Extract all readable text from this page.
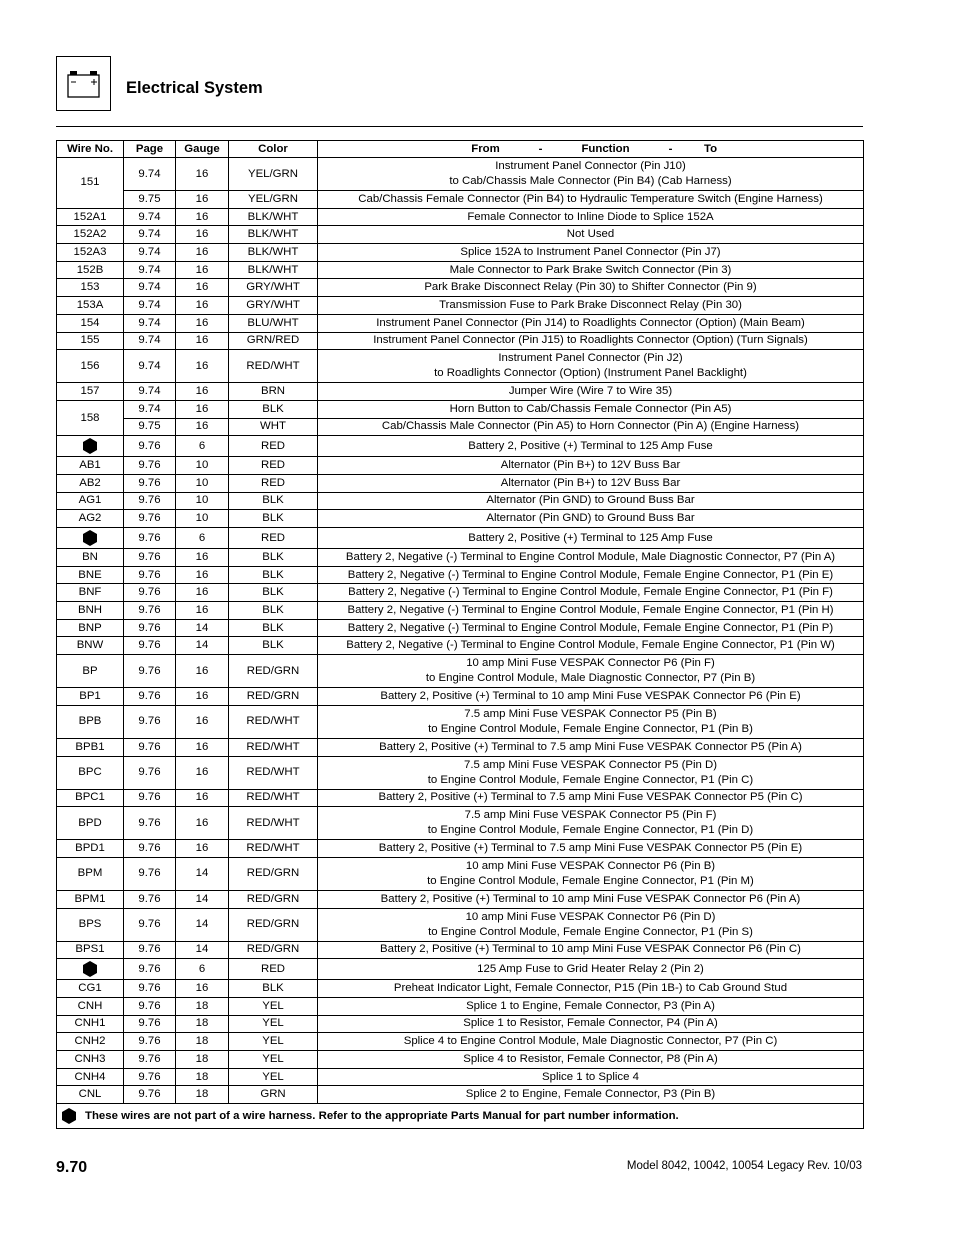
Electrical System
Wire No.	Page	Gauge	Color	From - Function - To
151	9.74	16	YEL/GRN	Instrument Panel Connector (Pin J10)
to Cab/Chassis Male Connector (Pin B4) (Cab Harness)

	9.75	16	YEL/GRN	Cab/Chassis Female Connector (Pin B4) to Hydraulic Temperature Switch (Engine Harness)

152A1	9.74	16	BLK/WHT	Female Connector to Inline Diode to Splice 152A

152A2	9.74	16	BLK/WHT	Not Used

152A3	9.74	16	BLK/WHT	Splice 152A to Instrument Panel Connector (Pin J7)

152B	9.74	16	BLK/WHT	Male Connector to Park Brake Switch Connector (Pin 3)

153	9.74	16	GRY/WHT	Park Brake Disconnect Relay (Pin 30) to Shifter Connector (Pin 9)

153A	9.74	16	GRY/WHT	Transmission Fuse to Park Brake Disconnect Relay (Pin 30)

154	9.74	16	BLU/WHT	Instrument Panel Connector (Pin J14) to Roadlights Connector (Option) (Main Beam)

155	9.74	16	GRN/RED	Instrument Panel Connector (Pin J15) to Roadlights Connector (Option) (Turn Signals)

156	9.74	16	RED/WHT	Instrument Panel Connector (Pin J2)
to Roadlights Connector (Option) (Instrument Panel Backlight)

157	9.74	16	BRN	Jumper Wire (Wire 7 to Wire 35)

158	9.74	16	BLK	Horn Button to Cab/Chassis Female Connector (Pin A5)

	9.75	16	WHT	Cab/Chassis Male Connector (Pin A5) to Horn Connector (Pin A) (Engine Harness)

	9.76	6	RED	Battery 2, Positive (+) Terminal to 125 Amp Fuse

AB1	9.76	10	RED	Alternator (Pin B+) to 12V Buss Bar

AB2	9.76	10	RED	Alternator (Pin B+) to 12V Buss Bar

AG1	9.76	10	BLK	Alternator (Pin GND) to Ground Buss Bar

AG2	9.76	10	BLK	Alternator (Pin GND) to Ground Buss Bar

	9.76	6	RED	Battery 2, Positive (+) Terminal to 125 Amp Fuse

BN	9.76	16	BLK	Battery 2, Negative (-) Terminal to Engine Control Module, Male Diagnostic Connector, P7 (Pin A)

BNE	9.76	16	BLK	Battery 2, Negative (-) Terminal to Engine Control Module, Female Engine Connector, P1 (Pin E)

BNF	9.76	16	BLK	Battery 2, Negative (-) Terminal to Engine Control Module, Female Engine Connector, P1 (Pin F)

BNH	9.76	16	BLK	Battery 2, Negative (-) Terminal to Engine Control Module, Female Engine Connector, P1 (Pin H)

BNP	9.76	14	BLK	Battery 2, Negative (-) Terminal to Engine Control Module, Female Engine Connector, P1 (Pin P)

BNW	9.76	14	BLK	Battery 2, Negative (-) Terminal to Engine Control Module, Female Engine Connector, P1 (Pin W)

BP	9.76	16	RED/GRN	10 amp Mini Fuse VESPAK Connector P6 (Pin F)
to Engine Control Module, Male Diagnostic Connector, P7 (Pin B)

BP1	9.76	16	RED/GRN	Battery 2, Positive (+) Terminal to 10 amp Mini Fuse VESPAK Connector P6 (Pin E)

BPB	9.76	16	RED/WHT	7.5 amp Mini Fuse VESPAK Connector P5 (Pin B)
to Engine Control Module, Female Engine Connector, P1 (Pin B)

BPB1	9.76	16	RED/WHT	Battery 2, Positive (+) Terminal to 7.5 amp Mini Fuse VESPAK Connector P5 (Pin A)

BPC	9.76	16	RED/WHT	7.5 amp Mini Fuse VESPAK Connector P5 (Pin D)
to Engine Control Module, Female Engine Connector, P1 (Pin C)

BPC1	9.76	16	RED/WHT	Battery 2, Positive (+) Terminal to 7.5 amp Mini Fuse VESPAK Connector P5 (Pin C)

BPD	9.76	16	RED/WHT	7.5 amp Mini Fuse VESPAK Connector P5 (Pin F)
to Engine Control Module, Female Engine Connector, P1 (Pin D)

BPD1	9.76	16	RED/WHT	Battery 2, Positive (+) Terminal to 7.5 amp Mini Fuse VESPAK Connector P5 (Pin E)

BPM	9.76	14	RED/GRN	10 amp Mini Fuse VESPAK Connector P6 (Pin B)
to Engine Control Module, Female Engine Connector, P1 (Pin M)

BPM1	9.76	14	RED/GRN	Battery 2, Positive (+) Terminal to 10 amp Mini Fuse VESPAK Connector P6 (Pin A)

BPS	9.76	14	RED/GRN	10 amp Mini Fuse VESPAK Connector P6 (Pin D)
to Engine Control Module, Female Engine Connector, P1 (Pin S)

BPS1	9.76	14	RED/GRN	Battery 2, Positive (+) Terminal to 10 amp Mini Fuse VESPAK Connector P6 (Pin C)

	9.76	6	RED	125 Amp Fuse to Grid Heater Relay 2 (Pin 2)

CG1	9.76	16	BLK	Preheat Indicator Light, Female Connector, P15 (Pin 1B-) to Cab Ground Stud

CNH	9.76	18	YEL	Splice 1 to Engine, Female Connector, P3 (Pin A)

CNH1	9.76	18	YEL	Splice 1 to Resistor, Female Connector, P4 (Pin A)

CNH2	9.76	18	YEL	Splice 4 to Engine Control Module, Male Diagnostic Connector, P7 (Pin C)

CNH3	9.76	18	YEL	Splice 4 to Resistor, Female Connector, P8 (Pin A)

CNH4	9.76	18	YEL	Splice 1 to Splice 4

CNL	9.76	18	GRN	Splice 2 to Engine, Female Connector, P3 (Pin B)

These wires are not part of a wire harness. Refer to the appropriate Parts Manual for part number information.				
9.70	Model 8042, 10042, 10054 Legacy Rev. 10/03
